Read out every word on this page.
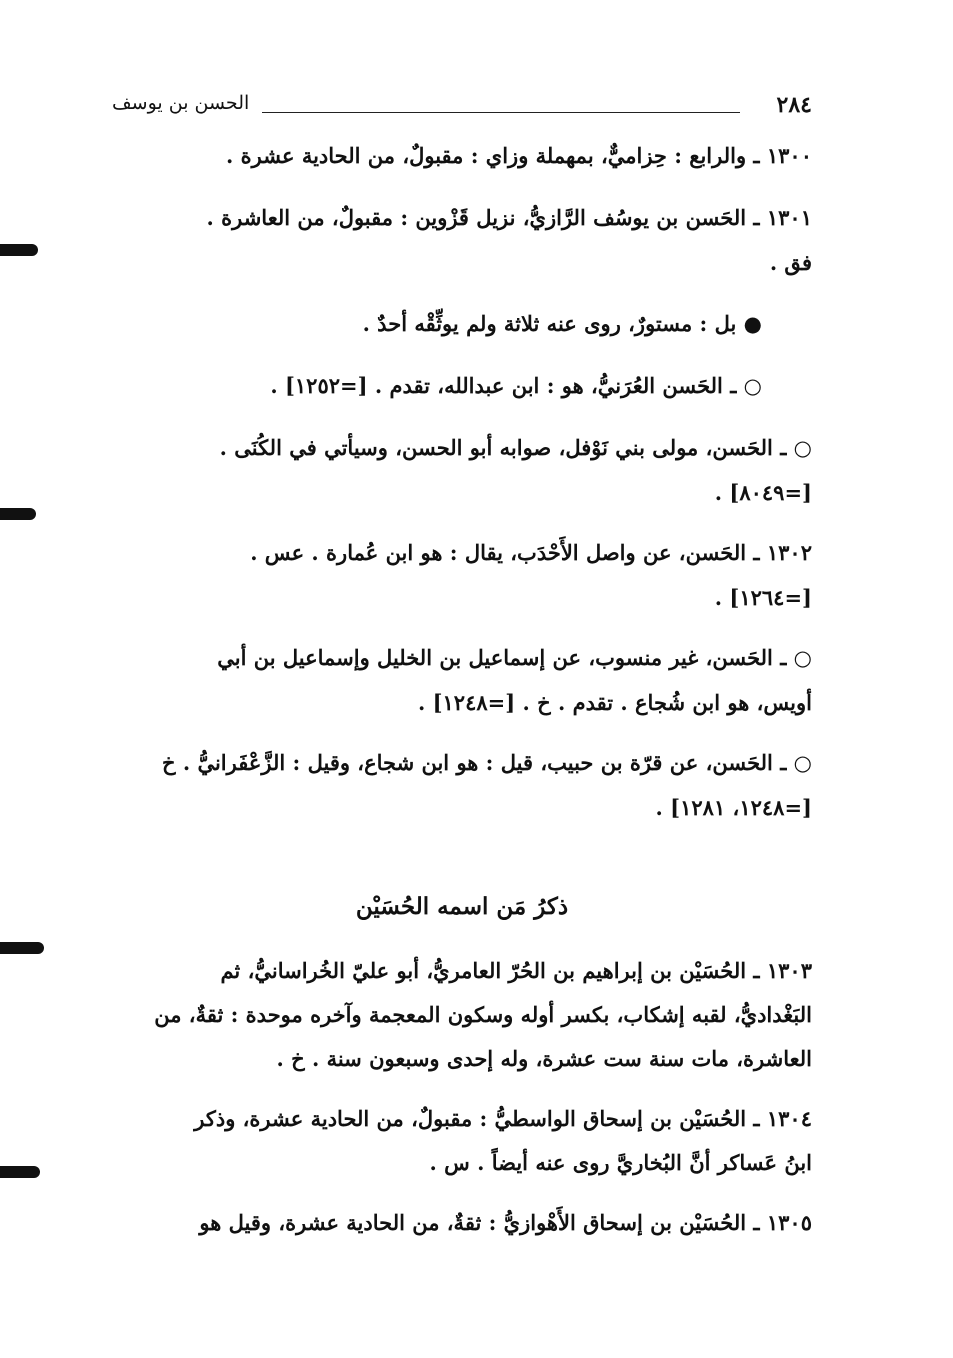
٢٨٤
الحسن بن يوسف
١٣٠٠ ـ والرابع : حِزاميٌّ، بمهملة وزاي : مقبولٌ، من الحادية عشرة .
١٣٠١ ـ الحَسن بن يوسُف الرَّازيُّ، نزيل قَزْوين : مقبولٌ، من العاشرة .
فق .
● بل : مستورٌ، روى عنه ثلاثة ولم يوثِّقْه أحدٌ .
○ ـ الحَسن العُرَنيُّ، هو : ابن عبدالله، تقدم . [=١٢٥٢] .
○ ـ الحَسن، مولى بني نَوْفل، صوابه أبو الحسن، وسيأتي في الكُنَى .
[=٨٠٤٩] .
١٣٠٢ ـ الحَسن، عن واصل الأَحْدَب، يقال : هو ابن عُمارة . عس .
[=١٢٦٤] .
○ ـ الحَسن، غير منسوب، عن إسماعيل بن الخليل وإسماعيل بن أبي
أويس، هو ابن شُجاع . تقدم . خ . [=١٢٤٨] .
○ ـ الحَسن، عن قرّة بن حبيب، قيل : هو ابن شجاع، وقيل : الزَّعْفَرانيُّ . خ
[=١٢٤٨، ١٢٨١] .
ذكرُ مَن اسمه الحُسَيْن
١٣٠٣ ـ الحُسَيْن بن إبراهيم بن الحُرّ العامريُّ، أبو عليّ الخُراسانيُّ، ثم
البَغْداديُّ، لقبه إشكاب، بكسر أوله وسكون المعجمة وآخره موحدة : ثقةٌ، من
العاشرة، مات سنة ست عشرة، وله إحدى وسبعون سنة . خ .
١٣٠٤ ـ الحُسَيْن بن إسحاق الواسطيُّ : مقبولٌ، من الحادية عشرة، وذكر
ابنُ عَساكر أنَّ البُخاريَّ روى عنه أيضاً . س .
١٣٠٥ ـ الحُسَيْن بن إسحاق الأَهْوازيُّ : ثقةٌ، من الحادية عشرة، وقيل هو
